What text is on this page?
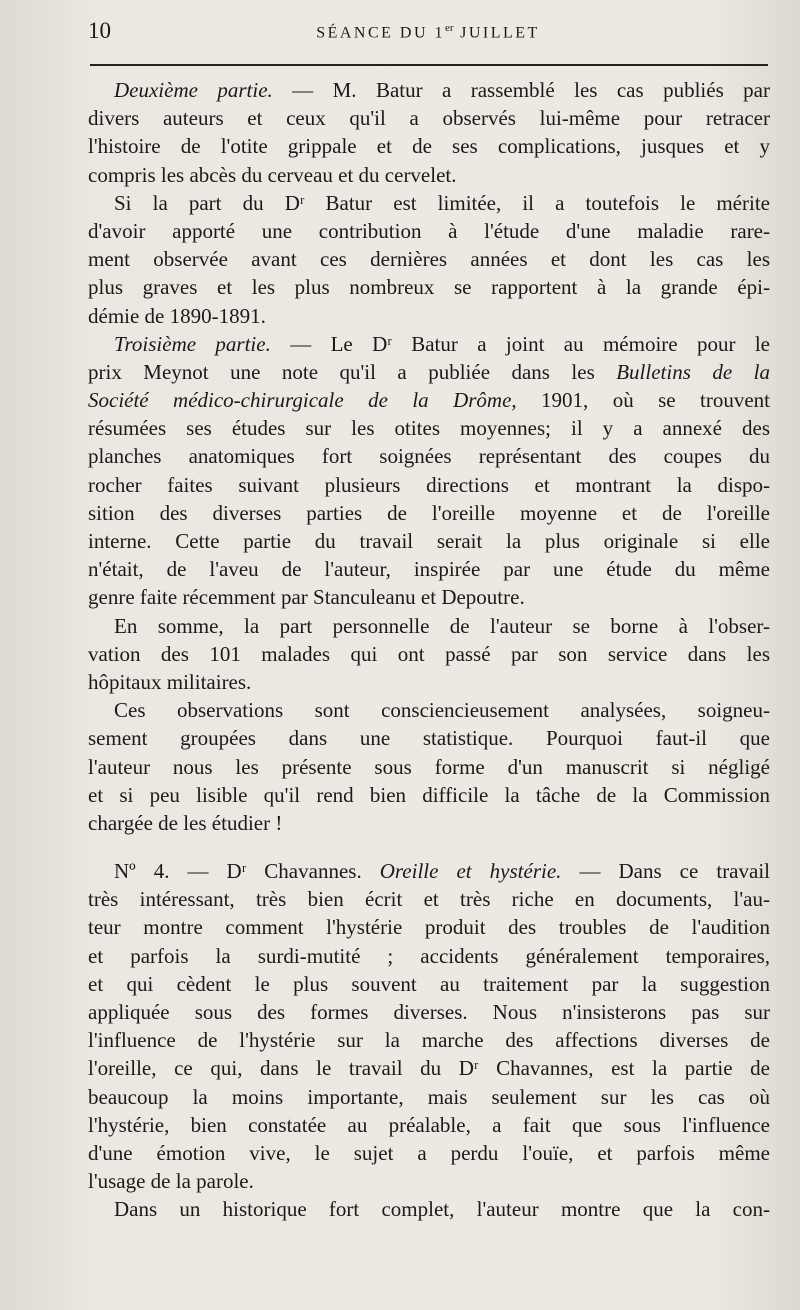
10	SÉANCE DU 1er JUILLET

Deuxième partie. — M. Batur a rassemblé les cas publiés par

divers auteurs et ceux qu'il a observés lui-même pour retracer

l'histoire de l'otite grippale et de ses complications, jusques et y

compris les abcès du cerveau et du cervelet.

Si la part du Dʳ Batur est limitée, il a toutefois le mérite

d'avoir apporté une contribution à l'étude d'une maladie rare-

ment observée avant ces dernières années et dont les cas les

plus graves et les plus nombreux se rapportent à la grande épi-

démie de 1890-1891.

Troisième partie. — Le Dʳ Batur a joint au mémoire pour le

prix Meynot une note qu'il a publiée dans les Bulletins de la

Société médico-chirurgicale de la Drôme, 1901, où se trouvent

résumées ses études sur les otites moyennes; il y a annexé des

planches anatomiques fort soignées représentant des coupes du

rocher faites suivant plusieurs directions et montrant la dispo-

sition des diverses parties de l'oreille moyenne et de l'oreille

interne. Cette partie du travail serait la plus originale si elle

n'était, de l'aveu de l'auteur, inspirée par une étude du même

genre faite récemment par Stanculeanu et Depoutre.

En somme, la part personnelle de l'auteur se borne à l'obser-

vation des 101 malades qui ont passé par son service dans les

hôpitaux militaires.

Ces observations sont consciencieusement analysées, soigneu-

sement groupées dans une statistique. Pourquoi faut-il que

l'auteur nous les présente sous forme d'un manuscrit si négligé

et si peu lisible qu'il rend bien difficile la tâche de la Commission

chargée de les étudier !

Nº 4. — Dʳ Chavannes. Oreille et hystérie. — Dans ce travail

très intéressant, très bien écrit et très riche en documents, l'au-

teur montre comment l'hystérie produit des troubles de l'audition

et parfois la surdi-mutité ; accidents généralement temporaires,

et qui cèdent le plus souvent au traitement par la suggestion

appliquée sous des formes diverses. Nous n'insisterons pas sur

l'influence de l'hystérie sur la marche des affections diverses de

l'oreille, ce qui, dans le travail du Dʳ Chavannes, est la partie de

beaucoup la moins importante, mais seulement sur les cas où

l'hystérie, bien constatée au préalable, a fait que sous l'influence

d'une émotion vive, le sujet a perdu l'ouïe, et parfois même

l'usage de la parole.

Dans un historique fort complet, l'auteur montre que la con-
